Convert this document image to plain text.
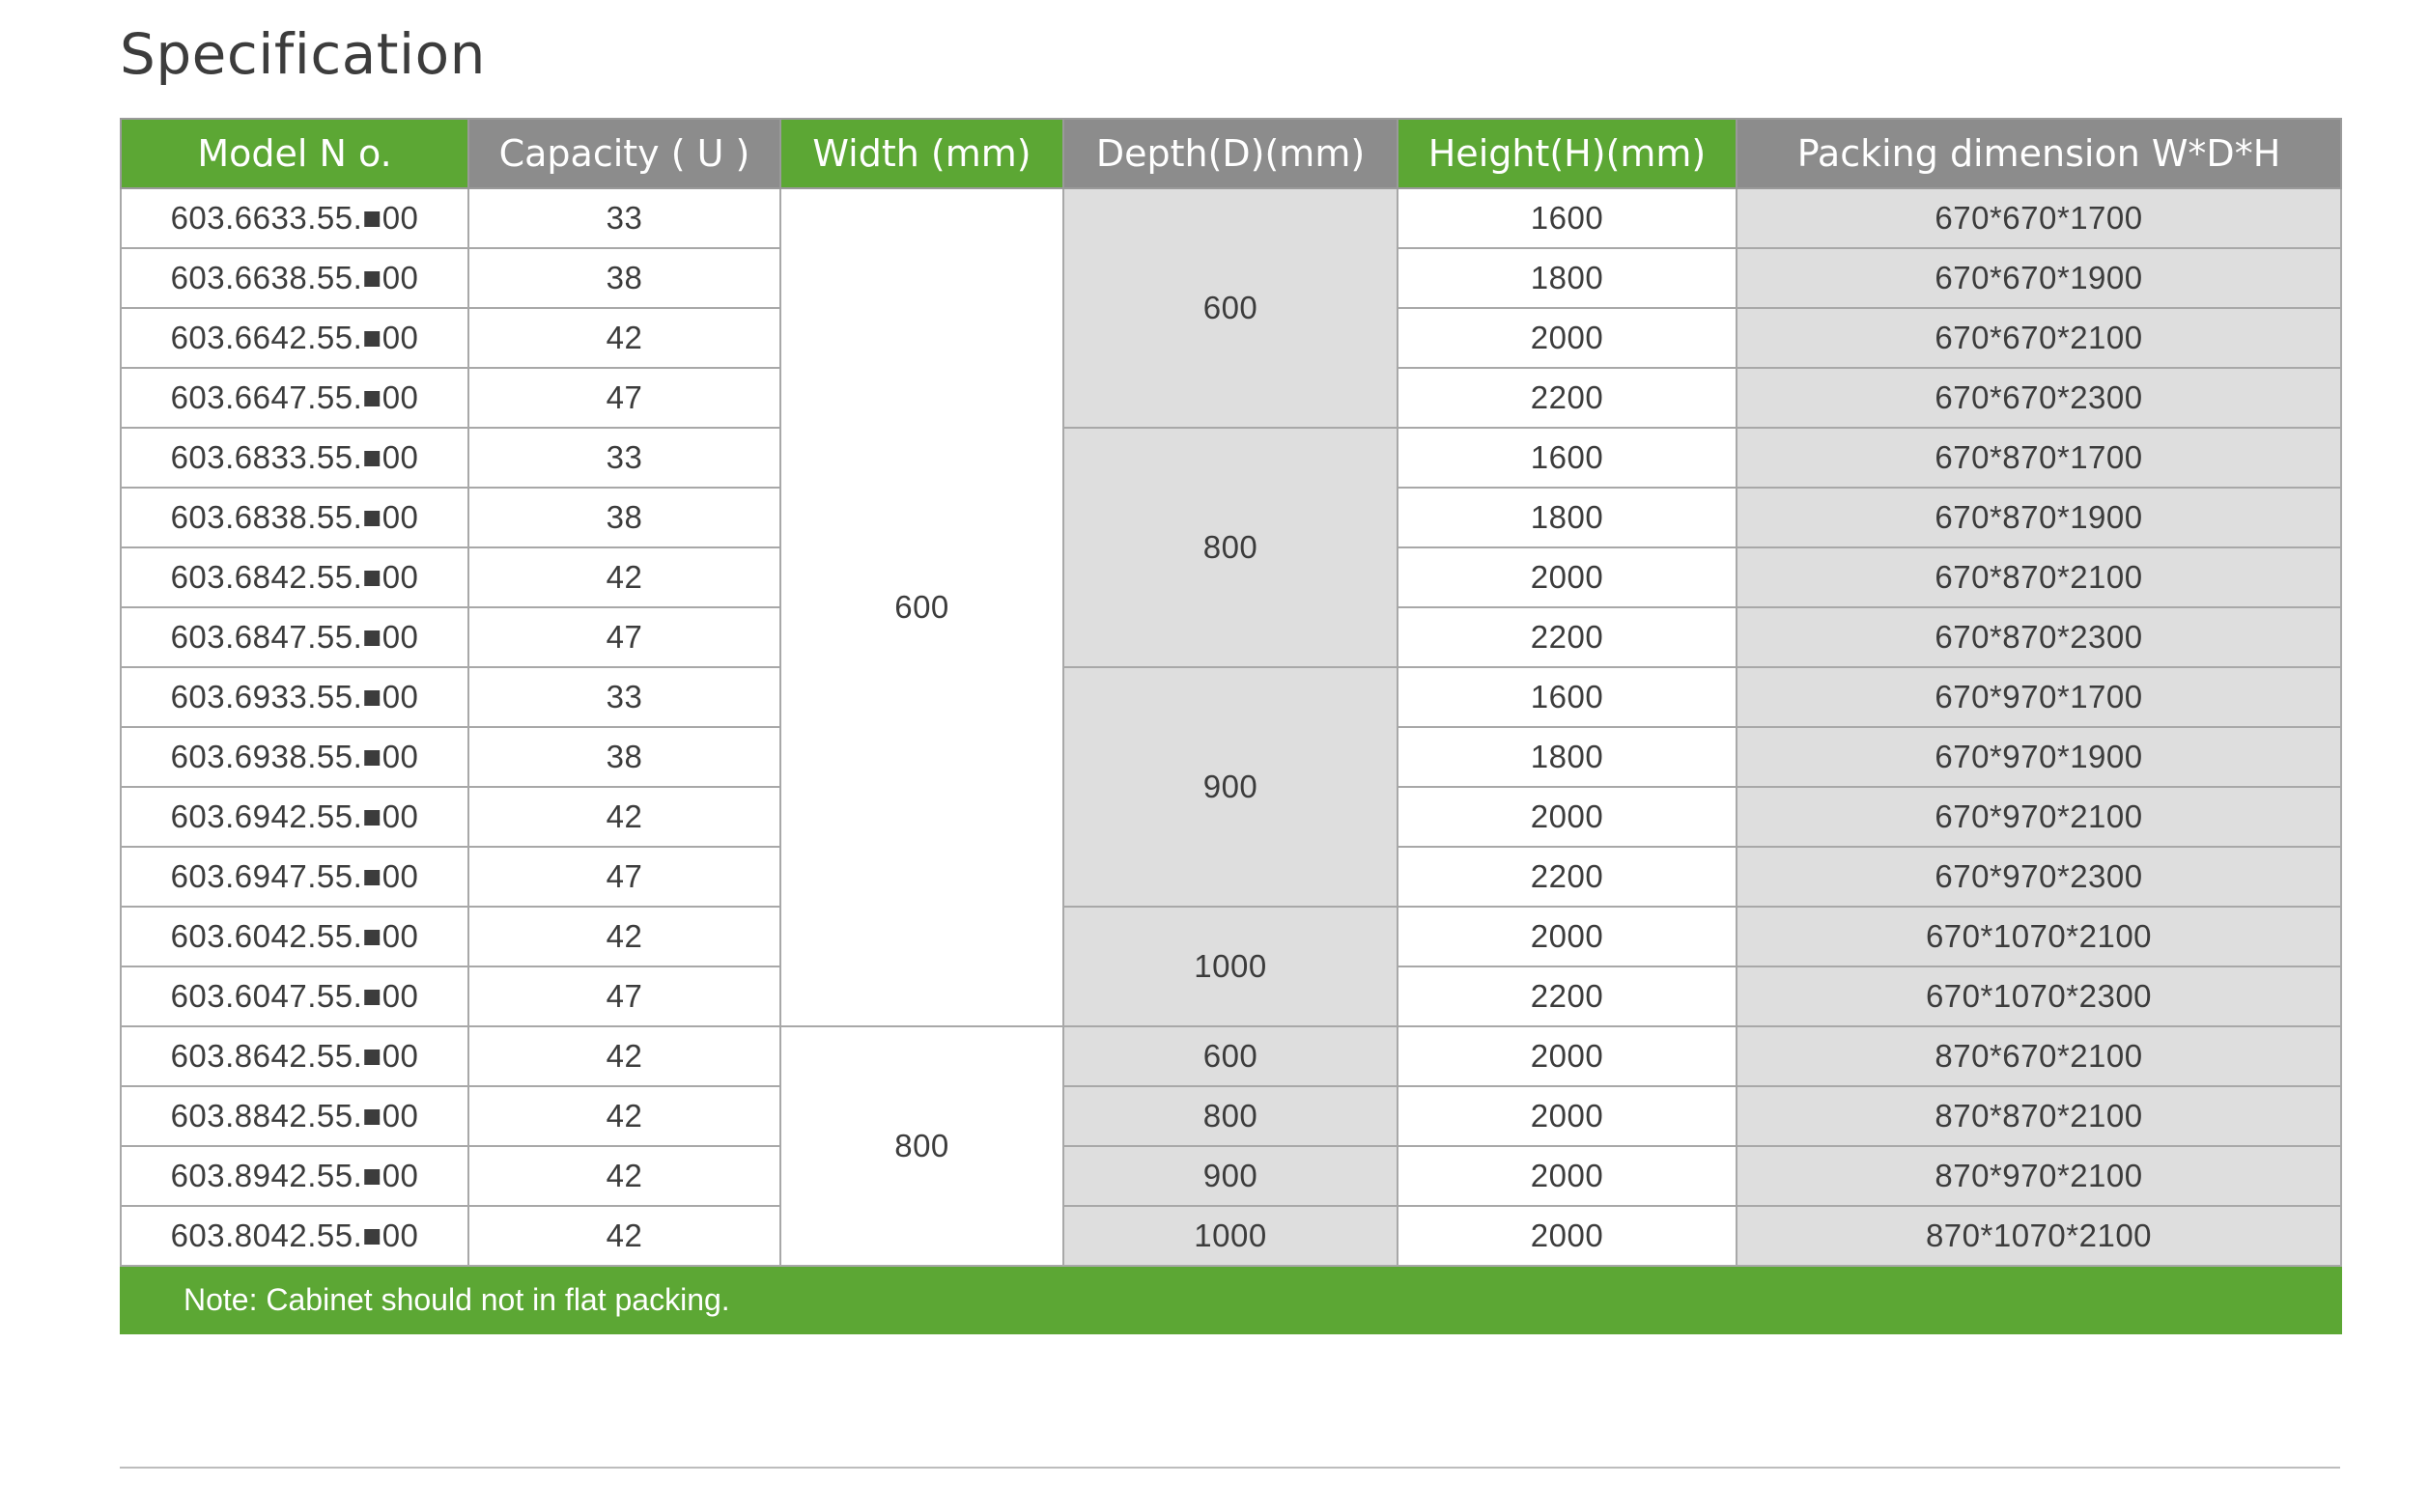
Specification
Model N o.	Capacity ( U )	Width (mm)	Depth(D)(mm)	Height(H)(mm)	Packing dimension W*D*H
603.6633.55.■00	33	600	600	1600	670*670*1700
603.6638.55.■00	38			1800	670*670*1900
603.6642.55.■00	42			2000	670*670*2100
603.6647.55.■00	47			2200	670*670*2300
603.6833.55.■00	33		800	1600	670*870*1700
603.6838.55.■00	38			1800	670*870*1900
603.6842.55.■00	42			2000	670*870*2100
603.6847.55.■00	47			2200	670*870*2300
603.6933.55.■00	33		900	1600	670*970*1700
603.6938.55.■00	38			1800	670*970*1900
603.6942.55.■00	42			2000	670*970*2100
603.6947.55.■00	47			2200	670*970*2300
603.6042.55.■00	42		1000	2000	670*1070*2100
603.6047.55.■00	47			2200	670*1070*2300
603.8642.55.■00	42	800	600	2000	870*670*2100
603.8842.55.■00	42		800	2000	870*870*2100
603.8942.55.■00	42		900	2000	870*970*2100
603.8042.55.■00	42		1000	2000	870*1070*2100
Note: Cabinet should not in flat packing.					
